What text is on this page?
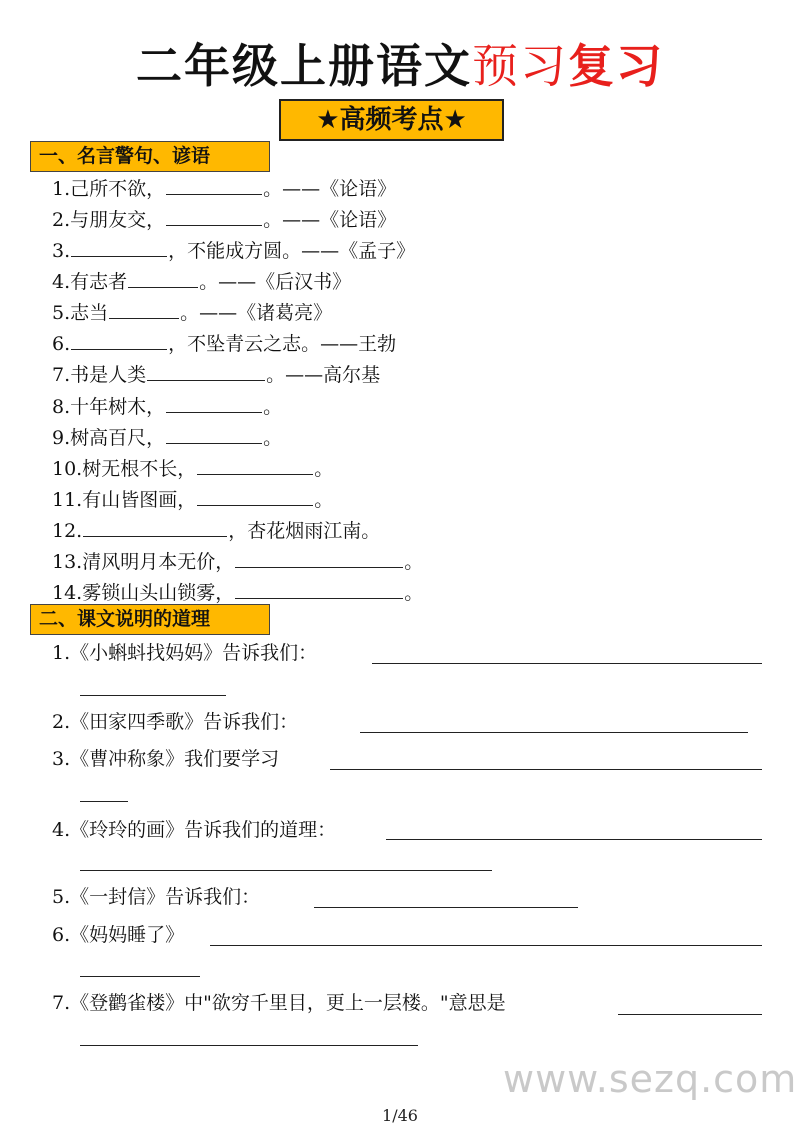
二年级上册语文预习复习
★高频考点★
一、名言警句、谚语
1.己所不欲，	。——《论语》
2.与朋友交，	。——《论语》
3.	，不能成方圆。——《孟子》
4.有志者	。——《后汉书》
5.志当	。——《诸葛亮》
6.	，不坠青云之志。——王勃
7.书是人类	。——高尔基
8.十年树木，	。
9.树高百尺，	。
10.树无根不长，	。
11.有山皆图画，	。
12.	，杏花烟雨江南。
13.清风明月本无价，	。
14.雾锁山头山锁雾，	。
二、课文说明的道理
1.《小蝌蚪找妈妈》告诉我们：
2.《田家四季歌》告诉我们：
3.《曹冲称象》我们要学习
4.《玲玲的画》告诉我们的道理：
5.《一封信》告诉我们：
6.《妈妈睡了》
7.《登鹳雀楼》中"欲穷千里目，更上一层楼。"意思是
www.sezq.com
1/46
